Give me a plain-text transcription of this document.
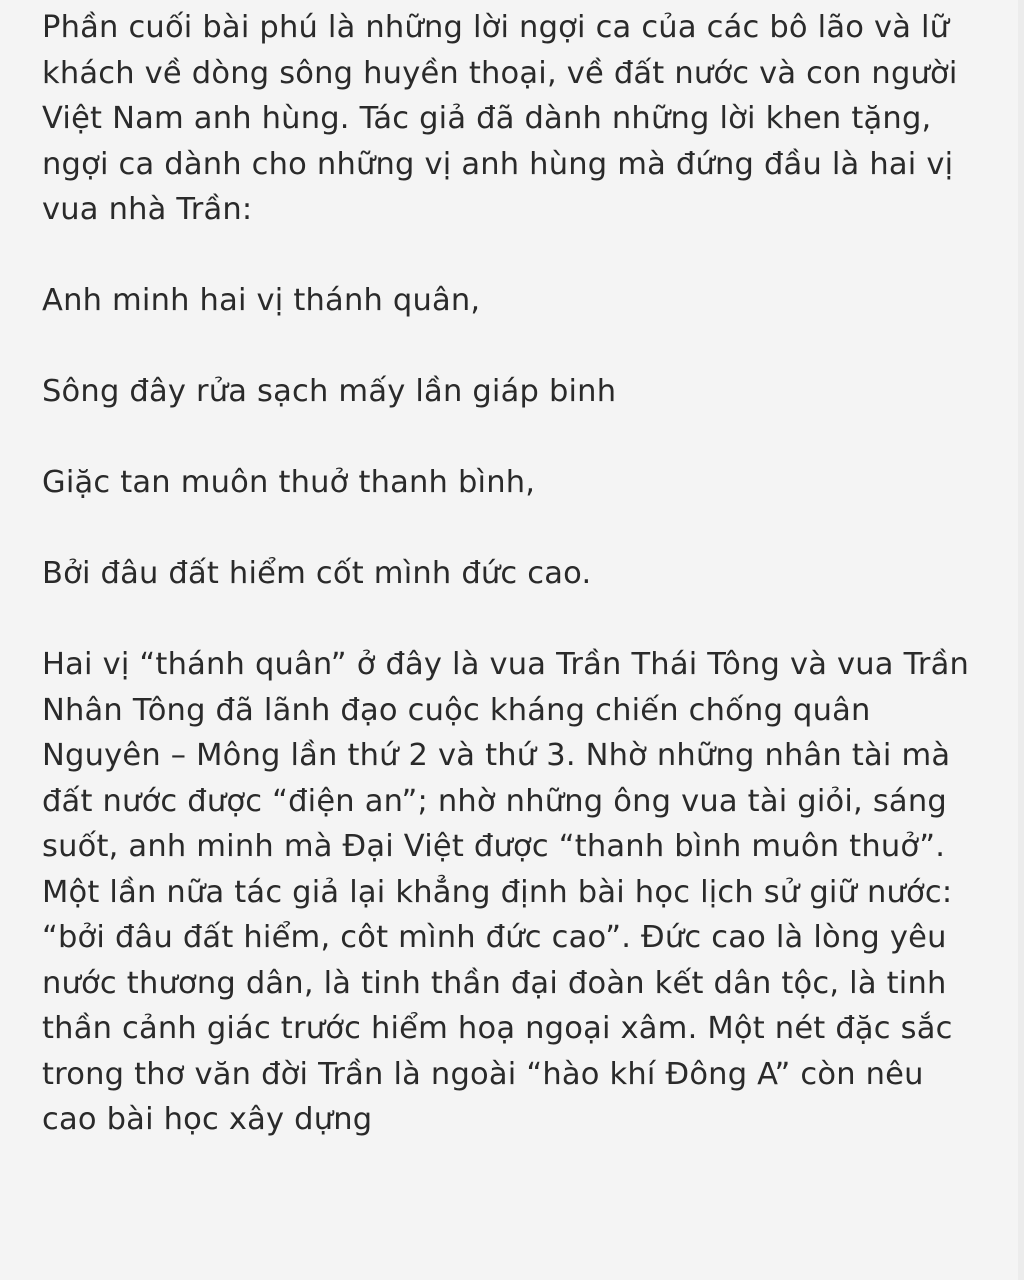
Phần cuối bài phú là những lời ngợi ca của các bô lão và lữ khách về dòng sông huyền thoại, về đất nước và con người Việt Nam anh hùng. Tác giả đã dành những lời khen tặng, ngợi ca dành cho những vị anh hùng mà đứng đầu là hai vị vua nhà Trần:

Anh minh hai vị thánh quân,

Sông đây rửa sạch mấy lần giáp binh

Giặc tan muôn thuở thanh bình,

Bởi đâu đất hiểm cốt mình đức cao.

Hai vị “thánh quân” ở đây là vua Trần Thái Tông và vua Trần Nhân Tông đã lãnh đạo cuộc kháng chiến chống quân Nguyên – Mông lần thứ 2 và thứ 3. Nhờ những nhân tài mà đất nước được “điện an”; nhờ những ông vua tài giỏi, sáng suốt, anh minh mà Đại Việt được “thanh bình muôn thuở”. Một lần nữa tác giả lại khẳng định bài học lịch sử giữ nước: “bởi đâu đất hiểm, côt mình đức cao”. Đức cao là lòng yêu nước thương dân, là tinh thần đại đoàn kết dân tộc, là tinh thần cảnh giác trước hiểm hoạ ngoại xâm. Một nét đặc sắc trong thơ văn đời Trần là ngoài “hào khí Đông A” còn nêu cao bài học xây dựng
